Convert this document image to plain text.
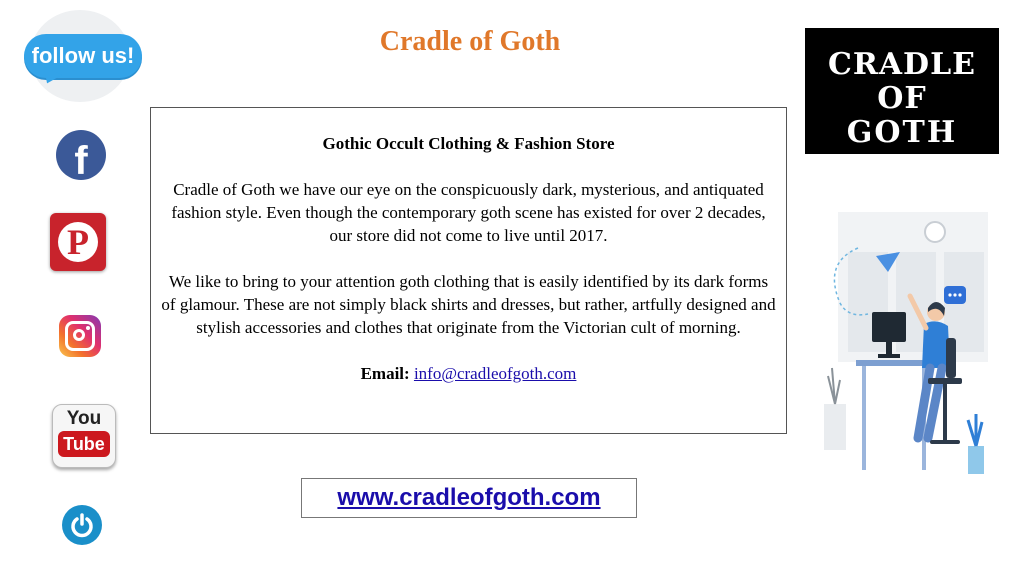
Cradle of Goth
follow us!
f
P
You
Tube
Gothic Occult Clothing & Fashion Store
Cradle of Goth we have our eye on the conspicuously dark, mysterious, and antiquated fashion style. Even though the contemporary goth scene has existed for over 2 decades, our store did not come to live until 2017.
We like to bring to your attention goth clothing that is easily identified by its dark forms of glamour. These are not simply black shirts and dresses, but rather, artfully designed and stylish accessories and clothes that originate from the Victorian cult of morning.
Email: info@cradleofgoth.com
www.cradleofgoth.com
CRADLE OF
GOTH
